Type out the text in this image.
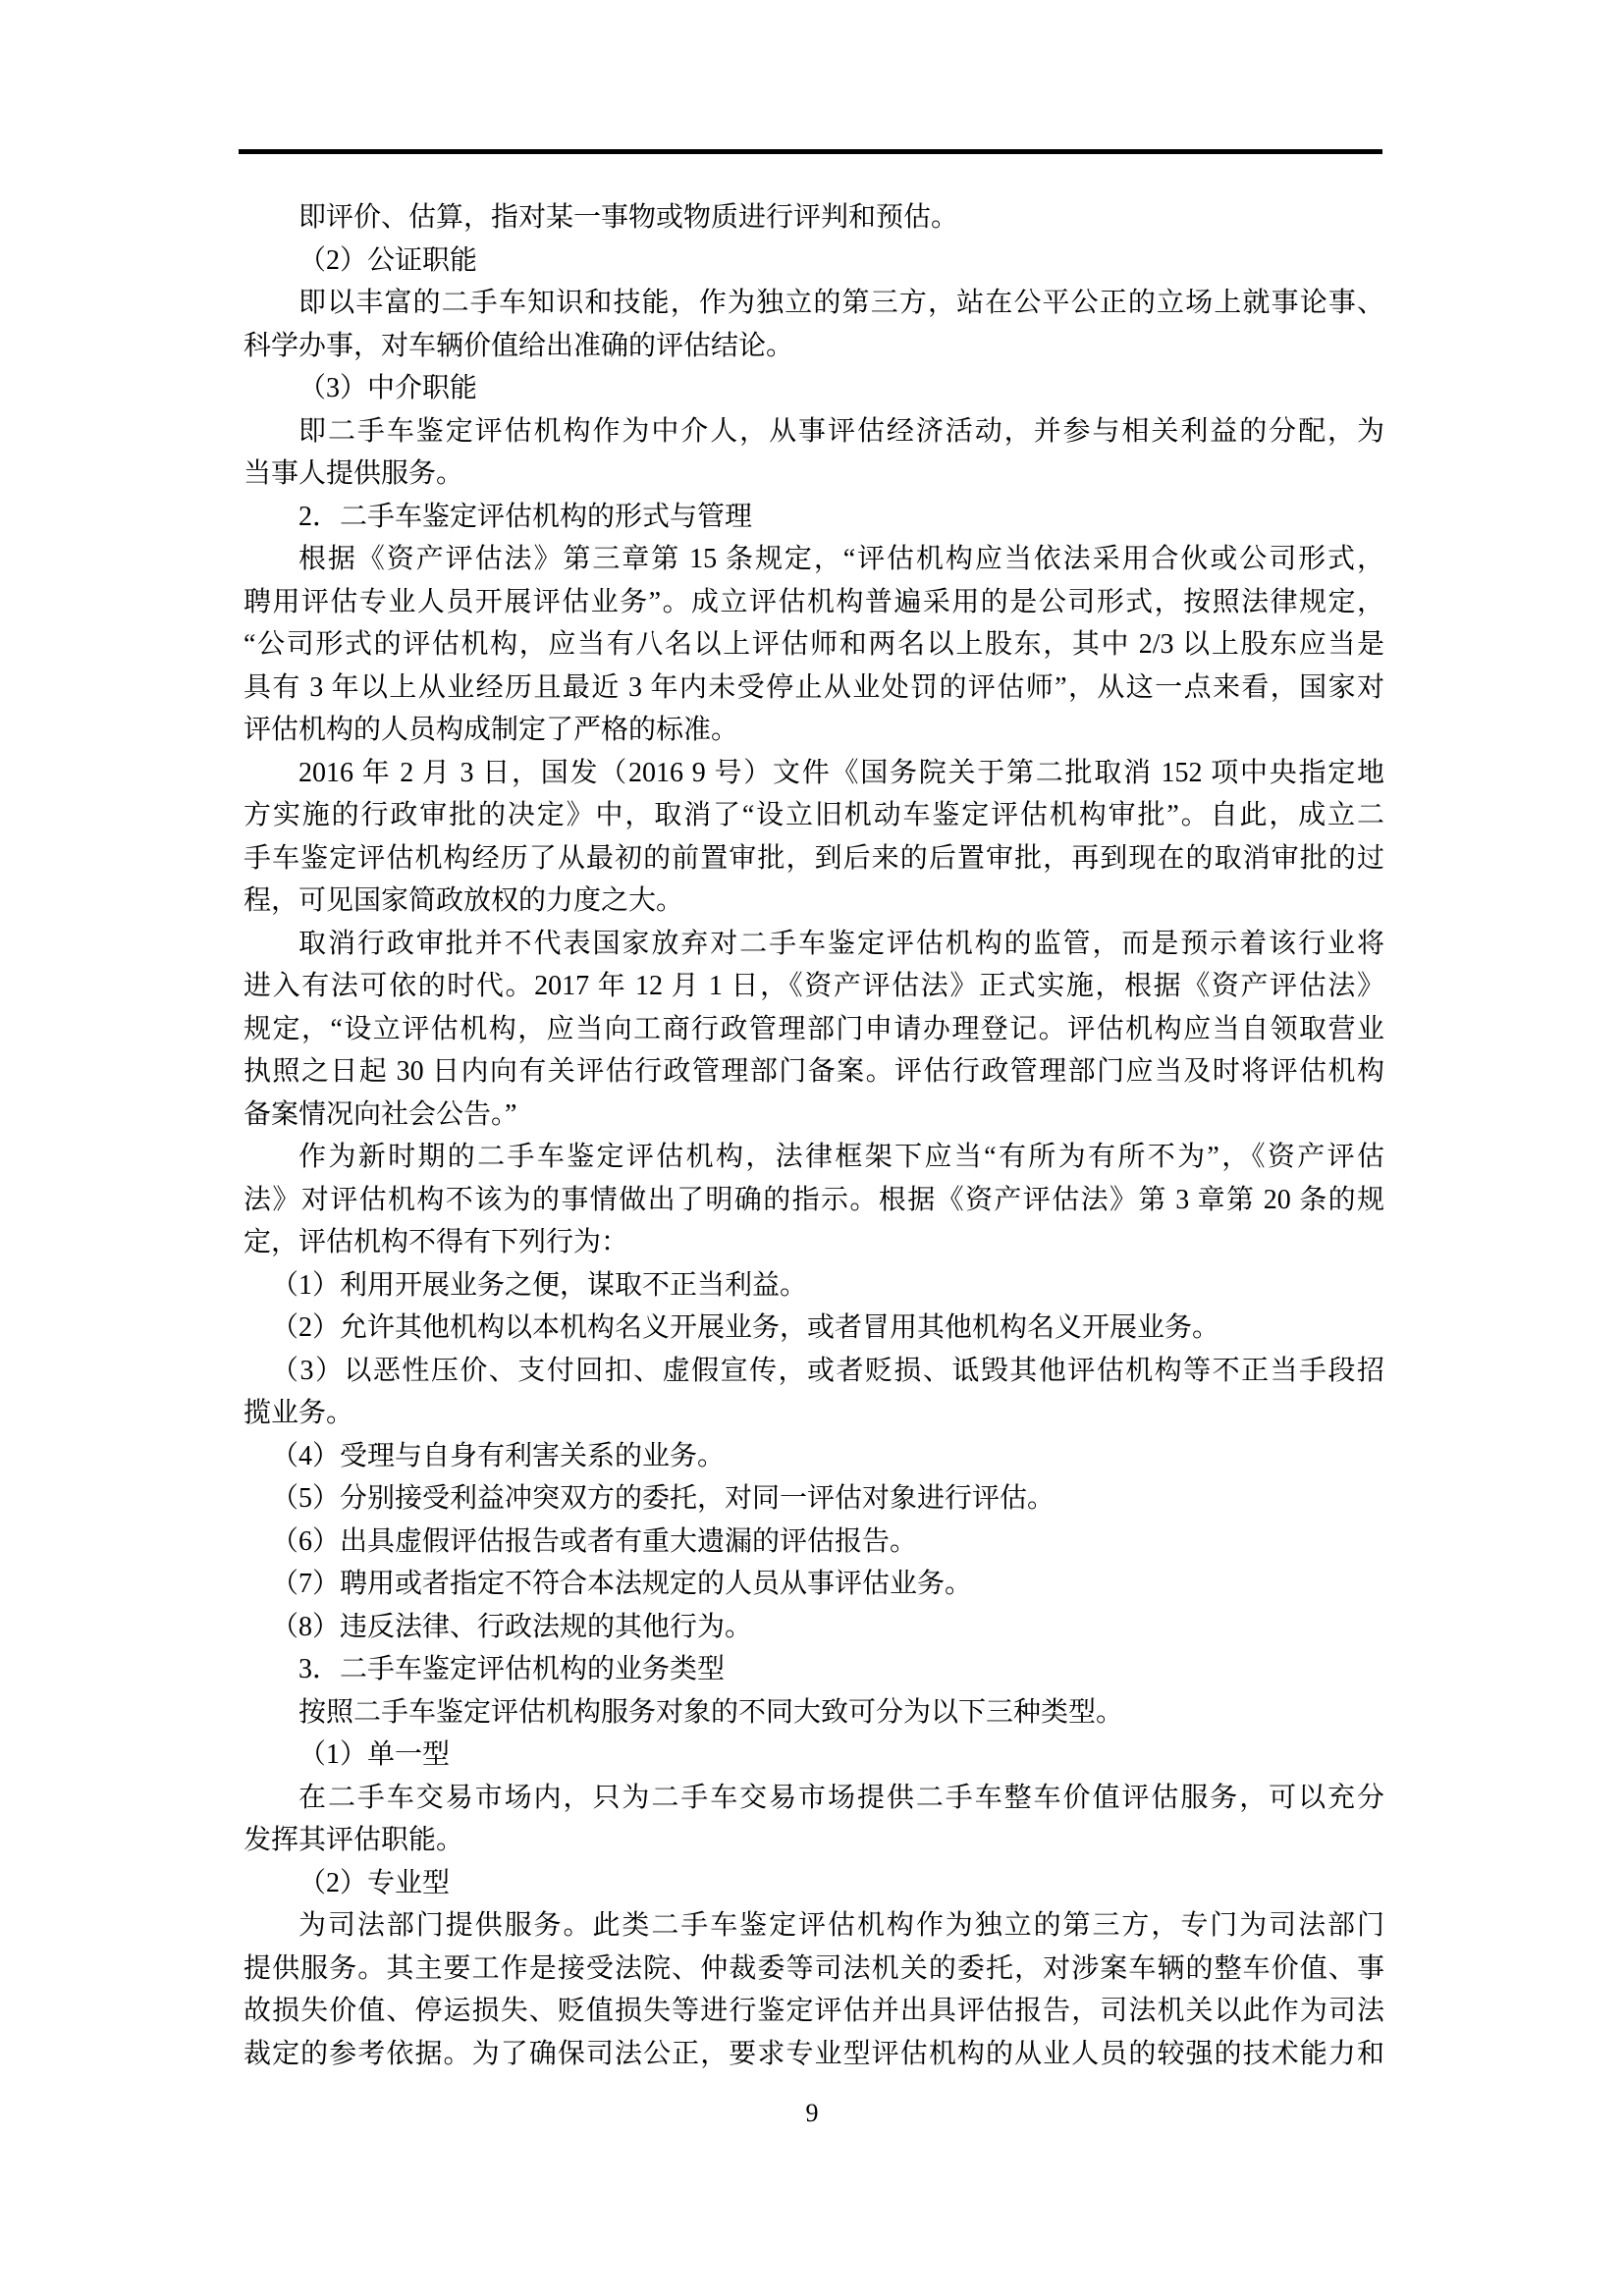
即评价、估算，指对某一事物或物质进行评判和预估。
（2）公证职能
即以丰富的二手车知识和技能，作为独立的第三方，站在公平公正的立场上就事论事、
科学办事，对车辆价值给出准确的评估结论。
（3）中介职能
即二手车鉴定评估机构作为中介人，从事评估经济活动，并参与相关利益的分配，为
当事人提供服务。
2．二手车鉴定评估机构的形式与管理
根据《资产评估法》第三章第 15 条规定，“评估机构应当依法采用合伙或公司形式，
聘用评估专业人员开展评估业务”。成立评估机构普遍采用的是公司形式，按照法律规定，
“公司形式的评估机构，应当有八名以上评估师和两名以上股东，其中 2/3 以上股东应当是
具有 3 年以上从业经历且最近 3 年内未受停止从业处罚的评估师”，从这一点来看，国家对
评估机构的人员构成制定了严格的标准。
2016 年 2 月 3 日，国发（2016 9 号）文件《国务院关于第二批取消 152 项中央指定地
方实施的行政审批的决定》中，取消了“设立旧机动车鉴定评估机构审批”。自此，成立二
手车鉴定评估机构经历了从最初的前置审批，到后来的后置审批，再到现在的取消审批的过
程，可见国家简政放权的力度之大。
取消行政审批并不代表国家放弃对二手车鉴定评估机构的监管，而是预示着该行业将
进入有法可依的时代。2017 年 12 月 1 日，《资产评估法》正式实施，根据《资产评估法》
规定，“设立评估机构，应当向工商行政管理部门申请办理登记。评估机构应当自领取营业
执照之日起 30 日内向有关评估行政管理部门备案。评估行政管理部门应当及时将评估机构
备案情况向社会公告。”
作为新时期的二手车鉴定评估机构，法律框架下应当“有所为有所不为”，《资产评估
法》对评估机构不该为的事情做出了明确的指示。根据《资产评估法》第 3 章第 20 条的规
定，评估机构不得有下列行为：
（1）利用开展业务之便，谋取不正当利益。
（2）允许其他机构以本机构名义开展业务，或者冒用其他机构名义开展业务。
（3）以恶性压价、支付回扣、虚假宣传，或者贬损、诋毁其他评估机构等不正当手段招
揽业务。
（4）受理与自身有利害关系的业务。
（5）分别接受利益冲突双方的委托，对同一评估对象进行评估。
（6）出具虚假评估报告或者有重大遗漏的评估报告。
（7）聘用或者指定不符合本法规定的人员从事评估业务。
（8）违反法律、行政法规的其他行为。
3．二手车鉴定评估机构的业务类型
按照二手车鉴定评估机构服务对象的不同大致可分为以下三种类型。
（1）单一型
在二手车交易市场内，只为二手车交易市场提供二手车整车价值评估服务，可以充分
发挥其评估职能。
（2）专业型
为司法部门提供服务。此类二手车鉴定评估机构作为独立的第三方，专门为司法部门
提供服务。其主要工作是接受法院、仲裁委等司法机关的委托，对涉案车辆的整车价值、事
故损失价值、停运损失、贬值损失等进行鉴定评估并出具评估报告，司法机关以此作为司法
裁定的参考依据。为了确保司法公正，要求专业型评估机构的从业人员的较强的技术能力和
9
